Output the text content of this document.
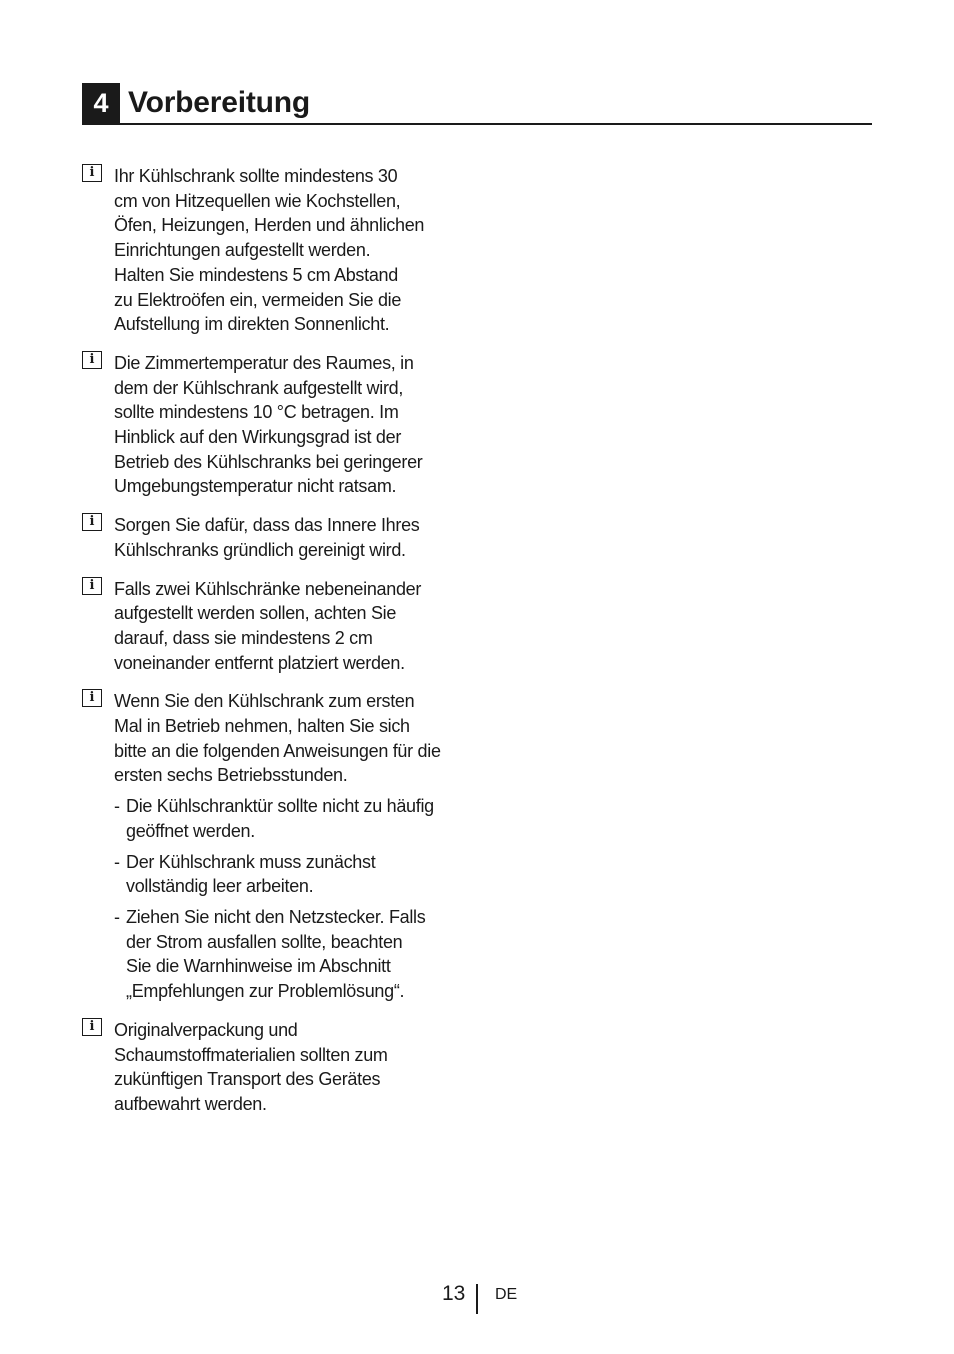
4 Vorbereitung
i	Ihr Kühlschrank sollte mindestens 30
cm von Hitzequellen wie Kochstellen,
Öfen, Heizungen, Herden und ähnlichen
Einrichtungen aufgestellt werden.
Halten Sie mindestens 5 cm Abstand
zu Elektroöfen ein, vermeiden Sie die
Aufstellung im direkten Sonnenlicht.
i	Die Zimmertemperatur des Raumes, in
dem der Kühlschrank aufgestellt wird,
sollte mindestens 10 °C betragen. Im
Hinblick auf den Wirkungsgrad ist der
Betrieb des Kühlschranks bei geringerer
Umgebungstemperatur nicht ratsam.
i	Sorgen Sie dafür, dass das Innere Ihres
Kühlschranks gründlich gereinigt wird.
i	Falls zwei Kühlschränke nebeneinander
aufgestellt werden sollen, achten Sie
darauf, dass sie mindestens 2 cm
voneinander entfernt platziert werden.
i	Wenn Sie den Kühlschrank zum ersten
Mal in Betrieb nehmen, halten Sie sich
bitte an die folgenden Anweisungen für die
ersten sechs Betriebsstunden.
- Die Kühlschranktür sollte nicht zu häufig
geöffnet werden.
- Der Kühlschrank muss zunächst
vollständig leer arbeiten.
- Ziehen Sie nicht den Netzstecker. Falls
der Strom ausfallen sollte, beachten
Sie die Warnhinweise im Abschnitt
„Empfehlungen zur Problemlösung“.
i	Originalverpackung und
Schaumstoffmaterialien sollten zum
zukünftigen Transport des Gerätes
aufbewahrt werden.
13 DE
